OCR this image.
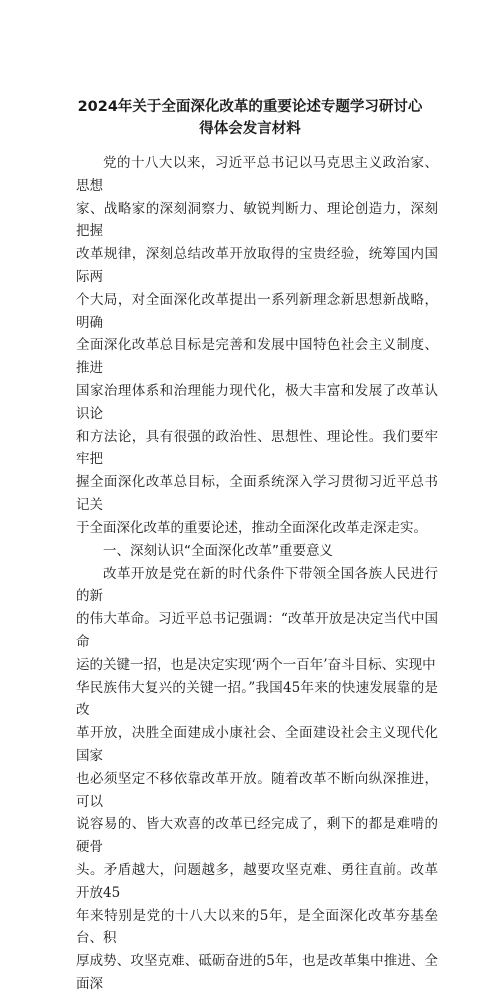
2024年关于全面深化改革的重要论述专题学习研讨心

得体会发言材料

党的十八大以来，习近平总书记以马克思主义政治家、思想
家、战略家的深刻洞察力、敏锐判断力、理论创造力，深刻把握
改革规律，深刻总结改革开放取得的宝贵经验，统筹国内国际两
个大局，对全面深化改革提出一系列新理念新思想新战略，明确
全面深化改革总目标是完善和发展中国特色社会主义制度、推进
国家治理体系和治理能力现代化，极大丰富和发展了改革认识论
和方法论，具有很强的政治性、思想性、理论性。我们要牢牢把
握全面深化改革总目标，全面系统深入学习贯彻习近平总书记关
于全面深化改革的重要论述，推动全面深化改革走深走实。

一、深刻认识“全面深化改革”重要意义

改革开放是党在新的时代条件下带领全国各族人民进行的新
的伟大革命。习近平总书记强调：“改革开放是决定当代中国命
运的关键一招，也是决定实现‘两个一百年’奋斗目标、实现中
华民族伟大复兴的关键一招。”我国45年来的快速发展靠的是改
革开放，决胜全面建成小康社会、全面建设社会主义现代化国家
也必须坚定不移依靠改革开放。随着改革不断向纵深推进，可以
说容易的、皆大欢喜的改革已经完成了，剩下的都是难啃的硬骨
头。矛盾越大，问题越多，越要攻坚克难、勇往直前。改革开放45
年来特别是党的十八大以来的5年，是全面深化改革夯基垒台、积
厚成势、攻坚克难、砥砺奋进的5年，也是改革集中推进、全面深
